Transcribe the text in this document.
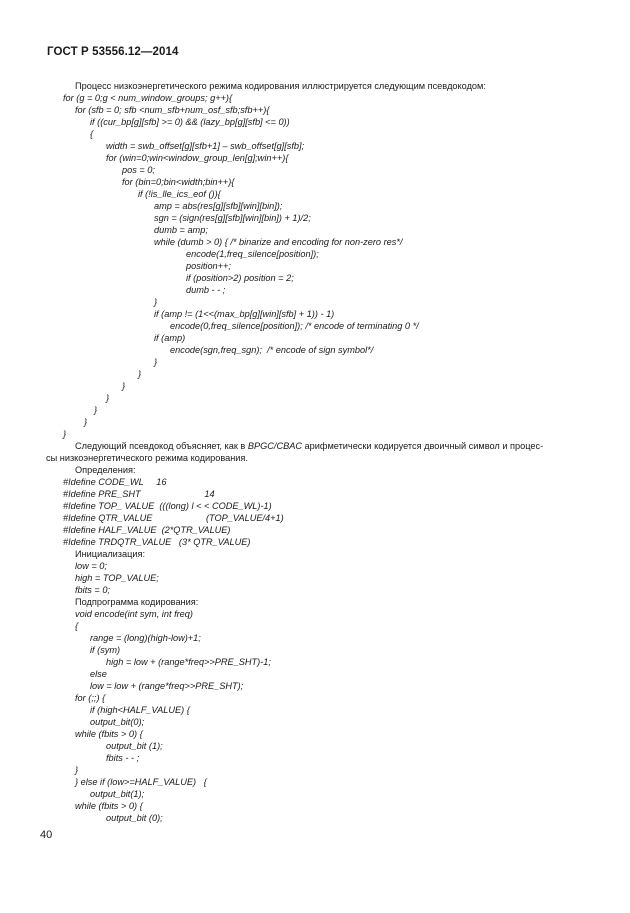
ГОСТ Р 53556.12—2014
Процесс низкоэнергетического режима кодирования иллюстрируется следующим псевдокодом:
for (g = 0;g < num_window_groups; g++){
for (sfb = 0; sfb <num_sfb+num_osf_sfb;sfb++){
if ((cur_bp[g][sfb] >= 0) && (lazy_bp[g][sfb] <= 0))
{
width = swb_offset[g][sfb+1] – swb_offset[g][sfb];
for (win=0;win<window_group_len[g];win++){
pos = 0;
for (bin=0;bin<width;bin++){
if (!is_lle_ics_eof ()){
amp = abs(res[g][sfb][win][bin]);
sgn = (sign(res[g][sfb][win][bin]) + 1)/2;
dumb = amp;
while (dumb > 0) { /* binarize and encoding for non-zero res*/
encode(1,freq_silence[position]);
position++;
if (position>2) position = 2;
dumb - - ;
}
if (amp != (1<<(max_bp[g][win][sfb] + 1)) - 1)
encode(0,freq_silence[position]); /* encode of terminating 0 */
if (amp)
encode(sgn,freq_sgn);  /* encode of sign symbol*/
}
}
}
}
}
}
}
Следующий псевдокод объясняет, как в BPGC/CBAC арифметически кодируется двоичный символ и процес-
сы низкоэнергетического режима кодирования.
Определения:
#Idefine CODE_WL     16
#Idefine PRE_SHT                         14
#Idefine TOP_ VALUE  (((long) l < < CODE_WL)-1)
#Idefine QTR_VALUE                     (TOP_VALUE/4+1)
#Idefine HALF_VALUE  (2*QTR_VALUE)
#Idefine TRDQTR_VALUE   (3* QTR_VALUE)
Инициализация:
low = 0;
high = TOP_VALUE;
fbits = 0;
Подпрограмма кодирования:
void encode(int sym, int freq)
{
range = (long)(high-low)+1;
if (sym)
high = low + (range*freq>>PRE_SHT)-1;
else
low = low + (range*freq>>PRE_SHT);
for (;;) {
if (high<HALF_VALUE) {
output_bit(0);
while (fbits > 0) {
output_bit (1);
fbits - - ;
}
} else if (low>=HALF_VALUE)   {
output_bit(1);
while (fbits > 0) {
output_bit (0);
40
